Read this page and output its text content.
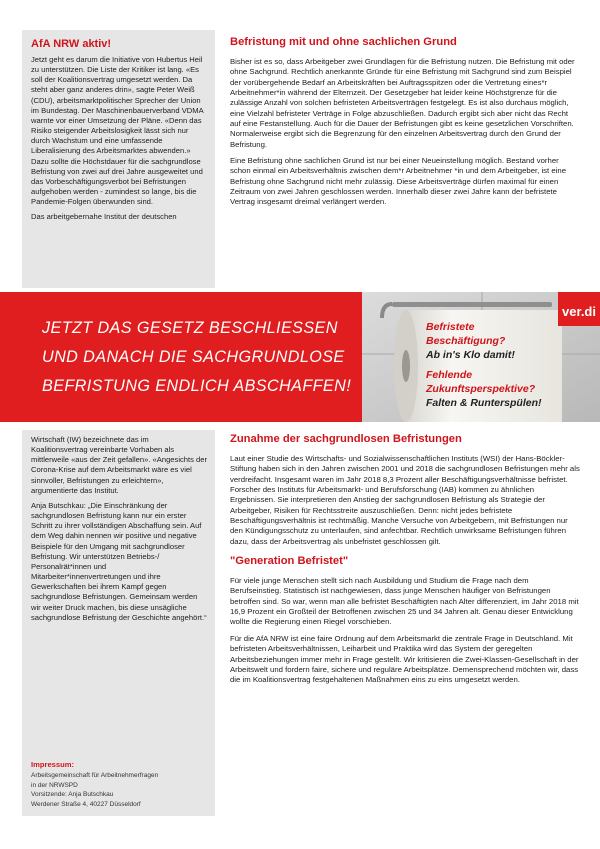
AfA NRW aktiv!

Jetzt geht es darum die Initiative von Hubertus Heil zu unterstützen. Die Liste der Kritiker ist lang. «Es soll der Koalitionsvertrag umgesetzt werden. Da steht aber ganz anderes drin», sagte Peter Weiß (CDU), arbeitsmarktpolitischer Sprecher der Union im Bundestag. Der Maschinenbauerverband VDMA warnte vor einer Umsetzung der Pläne. «Denn das Risiko steigender Arbeitslosigkeit lässt sich nur durch Wachstum und eine umfassende Liberalisierung des Arbeitsmarktes abwenden.» Dazu sollte die Höchstdauer für die sachgrundlose Befristung von zwei auf drei Jahre ausgeweitet und das Vorbeschäftigungsverbot bei Befristungen aufgehoben werden - zumindest so lange, bis die Pandemie-Folgen überwunden sind.

Das arbeitgebernahe Institut der deutschen

Befristung mit und ohne sachlichen Grund

Bisher ist es so, dass Arbeitgeber zwei Grundlagen für die Befristung nutzen. Die Befristung mit oder ohne Sachgrund. Rechtlich anerkannte Gründe für eine Befristung mit Sachgrund sind zum Beispiel der vorübergehende Bedarf an Arbeitskräften bei Auftragsspitzen oder die Vertretung eines*r Arbeitnehmer*in während der Elternzeit. Der Gesetzgeber hat leider keine Höchstgrenze für die zulässige Anzahl von solchen befristeten Arbeitsverträgen festgelegt. Es ist also durchaus möglich, eine Vielzahl befristeter Verträge in Folge abzuschließen. Dadurch ergibt sich aber nicht das Recht auf eine Festanstellung. Auch für die Dauer der Befristungen gibt es keine gesetzlichen Vorschriften. Normalerweise ergibt sich die Begrenzung für den einzelnen Arbeitsvertrag durch den Grund der Befristung.

Eine Befristung ohne sachlichen Grund ist nur bei einer Neueinstellung möglich. Bestand vorher schon einmal ein Arbeitsverhältnis zwischen dem*r Arbeitnehmer *in und dem Arbeitgeber, ist eine Befristung ohne Sachgrund nicht mehr zulässig. Diese Arbeitsverträge dürfen maximal für einen Zeitraum von zwei Jahren geschlossen werden. Innerhalb dieser zwei Jahre kann der befristete Vertrag insgesamt dreimal verlängert werden.

JETZT DAS GESETZ BESCHLIESSEN UND DANACH DIE SACHGRUNDLOSE BEFRISTUNG ENDLICH ABSCHAFFEN!
ver.di
Befristete
Beschäftigung?
Ab in's Klo damit!
Fehlende
Zukunftsperspektive?
Falten & Runterspülen!

Wirtschaft (IW) bezeichnete das im Koalitionsvertrag vereinbarte Vorhaben als mittlerweile «aus der Zeit gefallen». «Angesichts der Corona-Krise auf dem Arbeitsmarkt wäre es viel sinnvoller, Befristungen zu erleichtern», argumentierte das Institut.

Anja Butschkau: „Die Einschränkung der sachgrundlosen Befristung kann nur ein erster Schritt zu ihrer vollständigen Abschaffung sein. Auf dem Weg dahin nennen wir positive und negative Beispiele für den Umgang mit sachgrundloser Befristung. Wir unterstützen Betriebs-/ Personalrät*innen und Mitarbeiter*innenvertretungen und ihre Gewerkschaften bei ihrem Kampf gegen sachgrundlose Befristungen. Gemeinsam werden wir weiter Druck machen, bis diese unsägliche sachgrundlose Befristung der Geschichte angehört.“

Impressum:
Arbeitsgemeinschaft für Arbeitnehmerfragen
in der NRWSPD
Vorsitzende: Anja Butschkau
Werdener Straße 4, 40227 Düsseldorf
Zunahme der sachgrundlosen Befristungen

Laut einer Studie des Wirtschafts- und Sozialwissenschaftlichen Instituts (WSI) der Hans-Böckler-Stiftung haben sich in den Jahren zwischen 2001 und 2018 die sachgrundlosen Befristungen mehr als verdreifacht. Insgesamt waren im Jahr 2018 8,3 Prozent aller Beschäftigungsverhältnisse befristet. Forscher des Instituts für Arbeitsmarkt- und Berufsforschung (IAB) kommen zu ähnlichen Ergebnissen. Sie interpretieren den Anstieg der sachgrundlosen Befristung als Strategie der Arbeitgeber, Risiken für Rechtsstreite auszuschließen. Denn: nicht jedes befristete Beschäftigungsverhältnis ist rechtmäßig. Manche Versuche von Arbeitgebern, mit Befristungen nur den Kündigungsschutz zu unterlaufen, sind anfechtbar. Rechtlich unwirksame Befristungen führen dazu, dass der Arbeitsvertrag als unbefristet geschlossen gilt.

"Generation Befristet"

Für viele junge Menschen stellt sich nach Ausbildung und Studium die Frage nach dem Berufseinstieg. Statistisch ist nachgewiesen, dass junge Menschen häufiger von Befristungen betroffen sind. So war, wenn man alle befristet Beschäftigten nach Alter differenziert, im Jahr 2018 mit 16,9 Prozent ein Großteil der Betroffenen zwischen 25 und 34 Jahren alt. Genau dieser Entwicklung wollte die Regierung einen Riegel vorschieben.

Für die AfA NRW ist eine faire Ordnung auf dem Arbeitsmarkt die zentrale Frage in Deutschland. Mit befristeten Arbeitsverhältnissen, Leiharbeit und Praktika wird das System der geregelten Arbeitsbeziehungen immer mehr in Frage gestellt. Wir kritisieren die Zwei-Klassen-Gesellschaft in der Arbeitswelt und fordern faire, sichere und reguläre Arbeitsplätze. Demensprechend möchten wir, dass die im Koalitionsvertrag festgehaltenen Maßnahmen eins zu eins umgesetzt werden.
